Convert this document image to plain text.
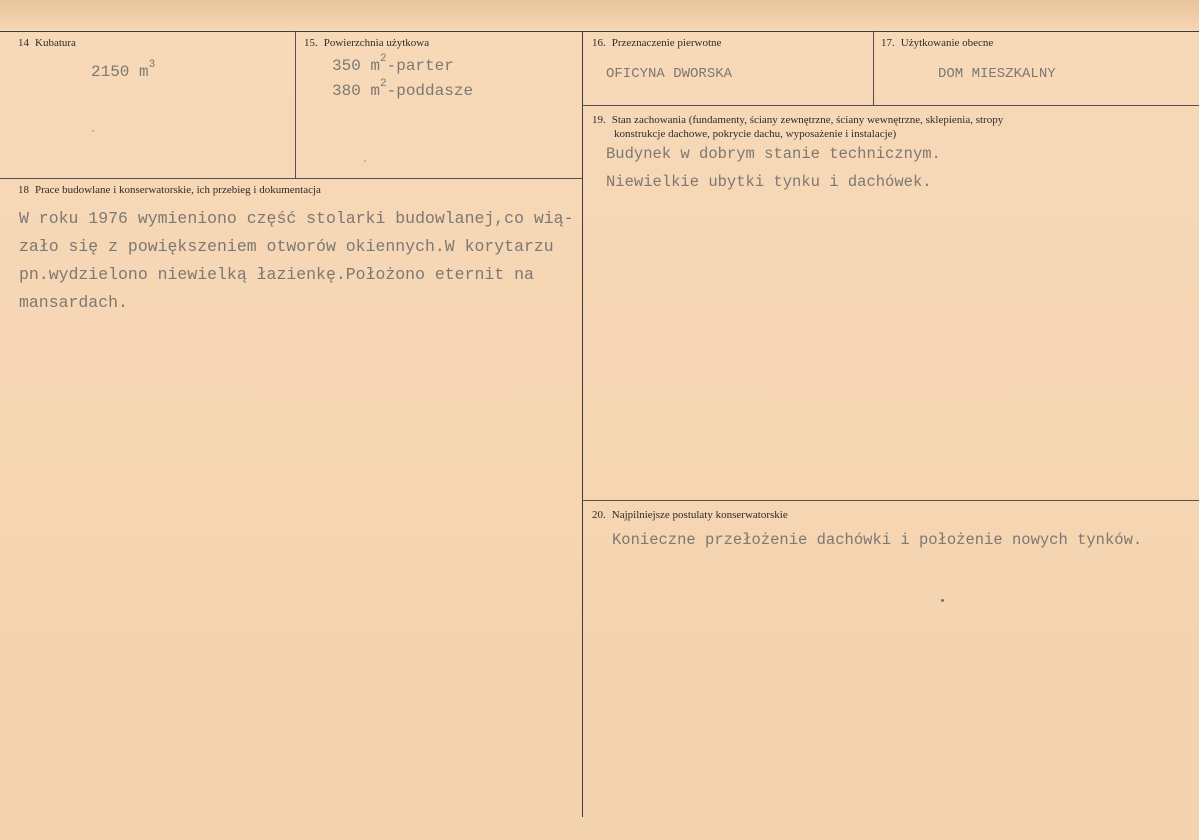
14 Kubatura
2150 $m^3$
15. Powierzchnia użytkowa
350 $m^2$-parter
380 $m^2$-poddasze
16. Przeznaczenie pierwotne
OFICYNA DWORSKA
17. Użytkowanie obecne
DOM MIESZKALNY
18 Prace budowlane i konserwatorskie, ich przebieg i dokumentacja
W roku 1976 wymieniono część stolarki budowlanej,co wią-
zało się z powiększeniem otworów okiennych.W korytarzu
pn.wydzielono niewielką łazienkę.Położono eternit na
mansardach.
19. Stan zachowania (fundamenty, ściany zewnętrzne, ściany wewnętrzne, sklepienia, stropy
konstrukcje dachowe, pokrycie dachu, wyposażenie i instalacje)
Budynek w dobrym stanie technicznym.
Niewielkie ubytki tynku i dachówek.
20. Najpilniejsze postulaty konserwatorskie
Konieczne przełożenie dachówki i położenie nowych tynków.
